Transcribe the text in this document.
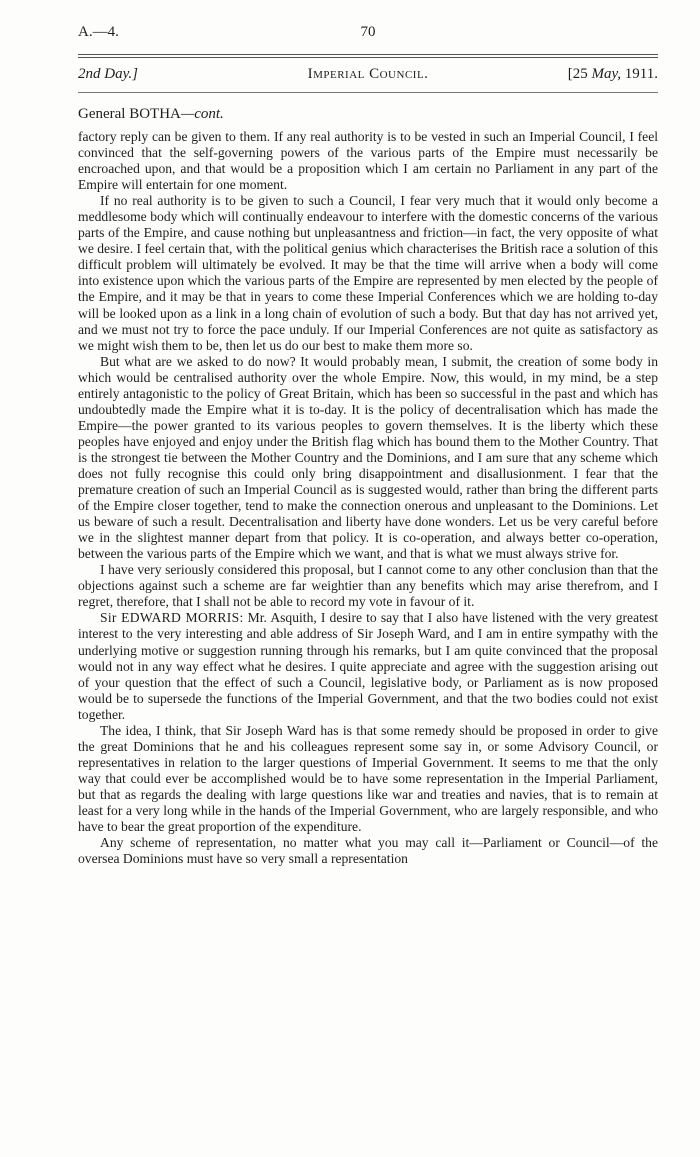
A.—4.	70
2nd Day.]	Imperial Council.	[25 May, 1911.
General BOTHA—cont.

factory reply can be given to them. If any real authority is to be vested in such an Imperial Council, I feel convinced that the self-governing powers of the various parts of the Empire must necessarily be encroached upon, and that would be a proposition which I am certain no Parliament in any part of the Empire will entertain for one moment.

If no real authority is to be given to such a Council, I fear very much that it would only become a meddlesome body which will continually endeavour to interfere with the domestic concerns of the various parts of the Empire, and cause nothing but unpleasantness and friction—in fact, the very opposite of what we desire. I feel certain that, with the political genius which characterises the British race a solution of this difficult problem will ultimately be evolved. It may be that the time will arrive when a body will come into existence upon which the various parts of the Empire are represented by men elected by the people of the Empire, and it may be that in years to come these Imperial Conferences which we are holding to-day will be looked upon as a link in a long chain of evolution of such a body. But that day has not arrived yet, and we must not try to force the pace unduly. If our Imperial Conferences are not quite as satisfactory as we might wish them to be, then let us do our best to make them more so.

But what are we asked to do now? It would probably mean, I submit, the creation of some body in which would be centralised authority over the whole Empire. Now, this would, in my mind, be a step entirely antagonistic to the policy of Great Britain, which has been so successful in the past and which has undoubtedly made the Empire what it is to-day. It is the policy of decentralisation which has made the Empire—the power granted to its various peoples to govern themselves. It is the liberty which these peoples have enjoyed and enjoy under the British flag which has bound them to the Mother Country. That is the strongest tie between the Mother Country and the Dominions, and I am sure that any scheme which does not fully recognise this could only bring disappointment and disallusionment. I fear that the premature creation of such an Imperial Council as is suggested would, rather than bring the different parts of the Empire closer together, tend to make the connection onerous and unpleasant to the Dominions. Let us beware of such a result. Decentralisation and liberty have done wonders. Let us be very careful before we in the slightest manner depart from that policy. It is co-operation, and always better co-operation, between the various parts of the Empire which we want, and that is what we must always strive for.

I have very seriously considered this proposal, but I cannot come to any other conclusion than that the objections against such a scheme are far weightier than any benefits which may arise therefrom, and I regret, therefore, that I shall not be able to record my vote in favour of it.

Sir EDWARD MORRIS: Mr. Asquith, I desire to say that I also have listened with the very greatest interest to the very interesting and able address of Sir Joseph Ward, and I am in entire sympathy with the underlying motive or suggestion running through his remarks, but I am quite convinced that the proposal would not in any way effect what he desires. I quite appreciate and agree with the suggestion arising out of your question that the effect of such a Council, legislative body, or Parliament as is now proposed would be to supersede the functions of the Imperial Government, and that the two bodies could not exist together.

The idea, I think, that Sir Joseph Ward has is that some remedy should be proposed in order to give the great Dominions that he and his colleagues represent some say in, or some Advisory Council, or representatives in relation to the larger questions of Imperial Government. It seems to me that the only way that could ever be accomplished would be to have some representation in the Imperial Parliament, but that as regards the dealing with large questions like war and treaties and navies, that is to remain at least for a very long while in the hands of the Imperial Government, who are largely responsible, and who have to bear the great proportion of the expenditure.

Any scheme of representation, no matter what you may call it—Parliament or Council—of the oversea Dominions must have so very small a representation
